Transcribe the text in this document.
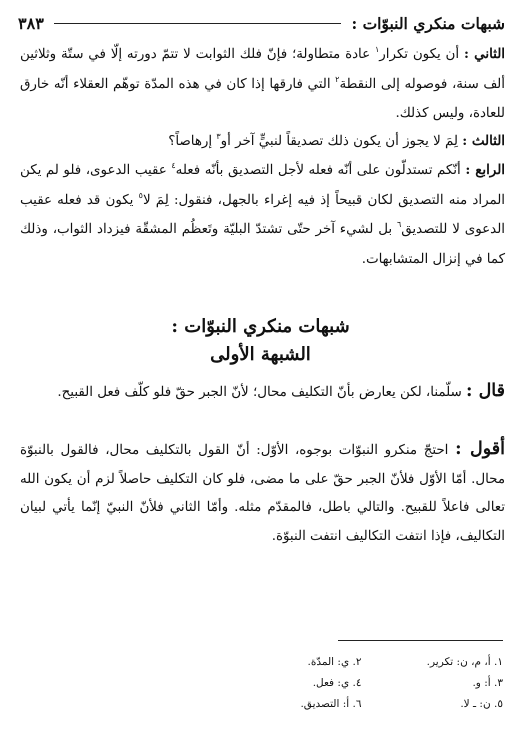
شبهات منكري النبوّات :
٣٨٣

الثاني : أن يكون تكرار$^١$ عادة متطاولة؛ فإنّ فلك الثوابت لا تتمّ دورته إلّا في ستّة وثلاثين ألف سنة، فوصوله إلى النقطة$^٢$ التي فارقها إذا كان في هذه المدّة توهّم العقلاء أنّه خارق للعادة، وليس كذلك.

الثالث : لِمَ لا يجوز أن يكون ذلك تصديقاً لنبيٍّ آخر أو$^٣$ إرهاصاً؟

الرابع : أنّكم تستدلّون على أنّه فعله لأجل التصديق بأنّه فعله$^٤$ عقيب الدعوى، فلو لم يكن المراد منه التصديق لكان قبيحاً إذ فيه إغراء بالجهل، فنقول: لِمَ لا$^٥$ يكون قد فعله عقيب الدعوى لا للتصديق$^٦$ بل لشيء آخر حتّى تشتدّ البليّة وتَعظُم المشقّة فيزداد الثواب، وذلك كما في إنزال المتشابهات.

شبهات منكري النبوّات :
الشبهة الأولى

قال : سلّمنا، لكن يعارض بأنّ التكليف محال؛ لأنّ الجبر حقّ فلو كلّف فعل القبيح.

أقول : احتجّ منكرو النبوّات بوجوه، الأوّل: أنّ القول بالتكليف محال، فالقول بالنبوّة محال. أمّا الأوّل فلأنّ الجبر حقّ على ما مضى، فلو كان التكليف حاصلاً لزم أن يكون الله تعالى فاعلاً للقبيح. والتالي باطل، فالمقدّم مثله. وأمّا الثاني فلأنّ النبيّ إنّما يأتي لبيان التكاليف، فإذا انتفت التكاليف انتفت النبوّة.

١. أ، م، ن: تكرير.
٢. ي: المدّة.
٣. أ: و.
٤. ي: فعل.
٥. ن: ـ لا.
٦. أ: التصديق.
